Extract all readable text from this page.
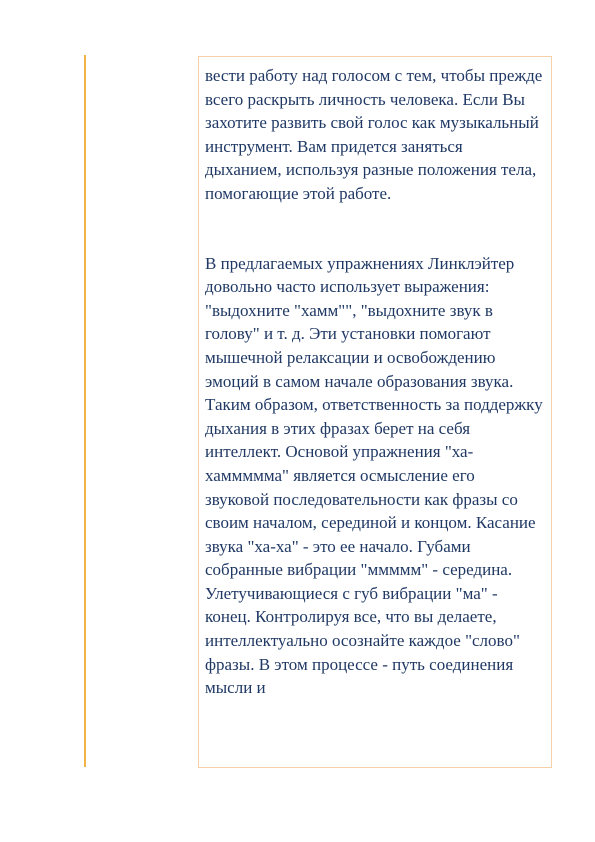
вести работу над голосом с тем, чтобы прежде всего раскрыть личность человека. Если Вы захотите развить свой голос как музыкальный инструмент. Вам придется заняться дыханием, используя разные положения тела, помогающие этой работе.

В предлагаемых упражнениях Линклэйтер довольно часто использует выражения: "выдохните "хамм"", "выдохните звук в голову" и т. д. Эти установки помогают мышечной релаксации и освобождению эмоций в самом начале образования звука. Таким образом, ответственность за поддержку дыхания в этих фразах берет на себя интеллект. Основой упражнения "ха-хаммммма" является осмысление его звуковой последовательности как фразы со своим началом, серединой и концом. Касание звука "ха-ха" - это ее начало. Губами собранные вибрации "ммммм" - середина. Улетучивающиеся с губ вибрации "ма" - конец. Контролируя все, что вы делаете, интеллектуально осознайте каждое "слово" фразы. В этом процессе - путь соединения мысли и
